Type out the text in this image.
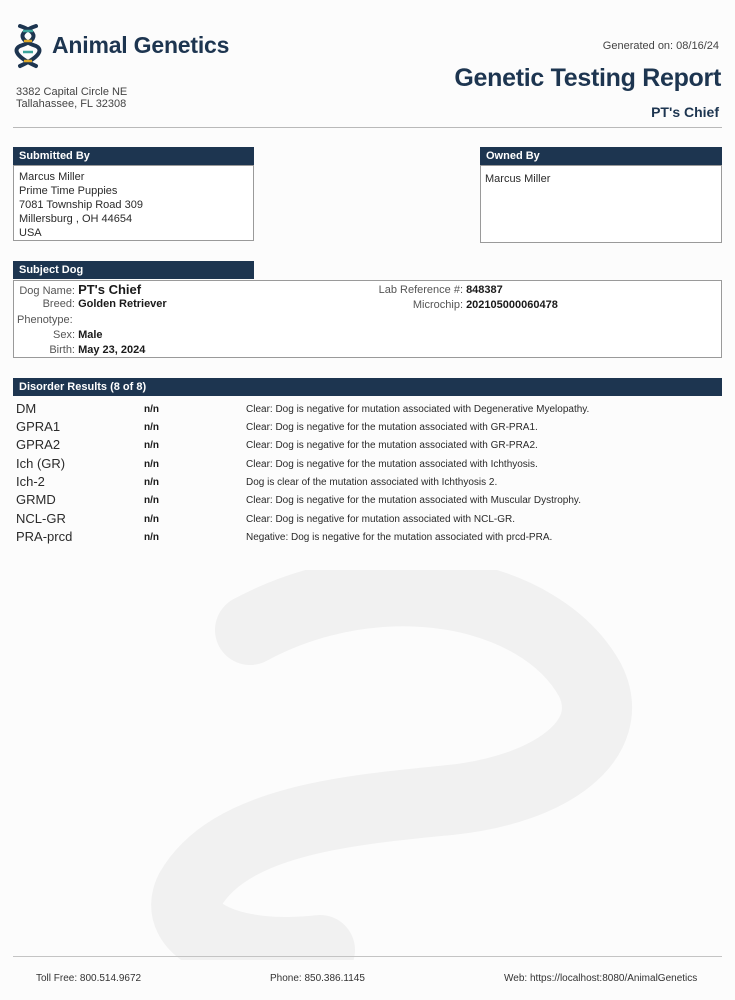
Animal Genetics
3382 Capital Circle NE
Tallahassee, FL 32308
Generated on: 08/16/24
Genetic Testing Report
PT's Chief
Submitted By
Marcus Miller
Prime Time Puppies
7081 Township Road 309
Millersburg , OH 44654
USA
Owned By
Marcus Miller
Subject Dog
Dog Name: PT's Chief
Breed: Golden Retriever
Phenotype:
Sex: Male
Birth: May 23, 2024
Lab Reference #: 848387
Microchip: 202105000060478
Disorder Results (8 of 8)
DM	n/n	Clear: Dog is negative for mutation associated with Degenerative Myelopathy.
GPRA1	n/n	Clear: Dog is negative for the mutation associated with GR-PRA1.
GPRA2	n/n	Clear: Dog is negative for the mutation associated with GR-PRA2.
Ich (GR)	n/n	Clear: Dog is negative for the mutation associated with Ichthyosis.
Ich-2	n/n	Dog is clear of the mutation associated with Ichthyosis 2.
GRMD	n/n	Clear: Dog is negative for the mutation associated with Muscular Dystrophy.
NCL-GR	n/n	Clear: Dog is negative for mutation associated with NCL-GR.
PRA-prcd	n/n	Negative: Dog is negative for the mutation associated with prcd-PRA.
Toll Free: 800.514.9672	Phone: 850.386.1145	Web: https://localhost:8080/AnimalGenetics
